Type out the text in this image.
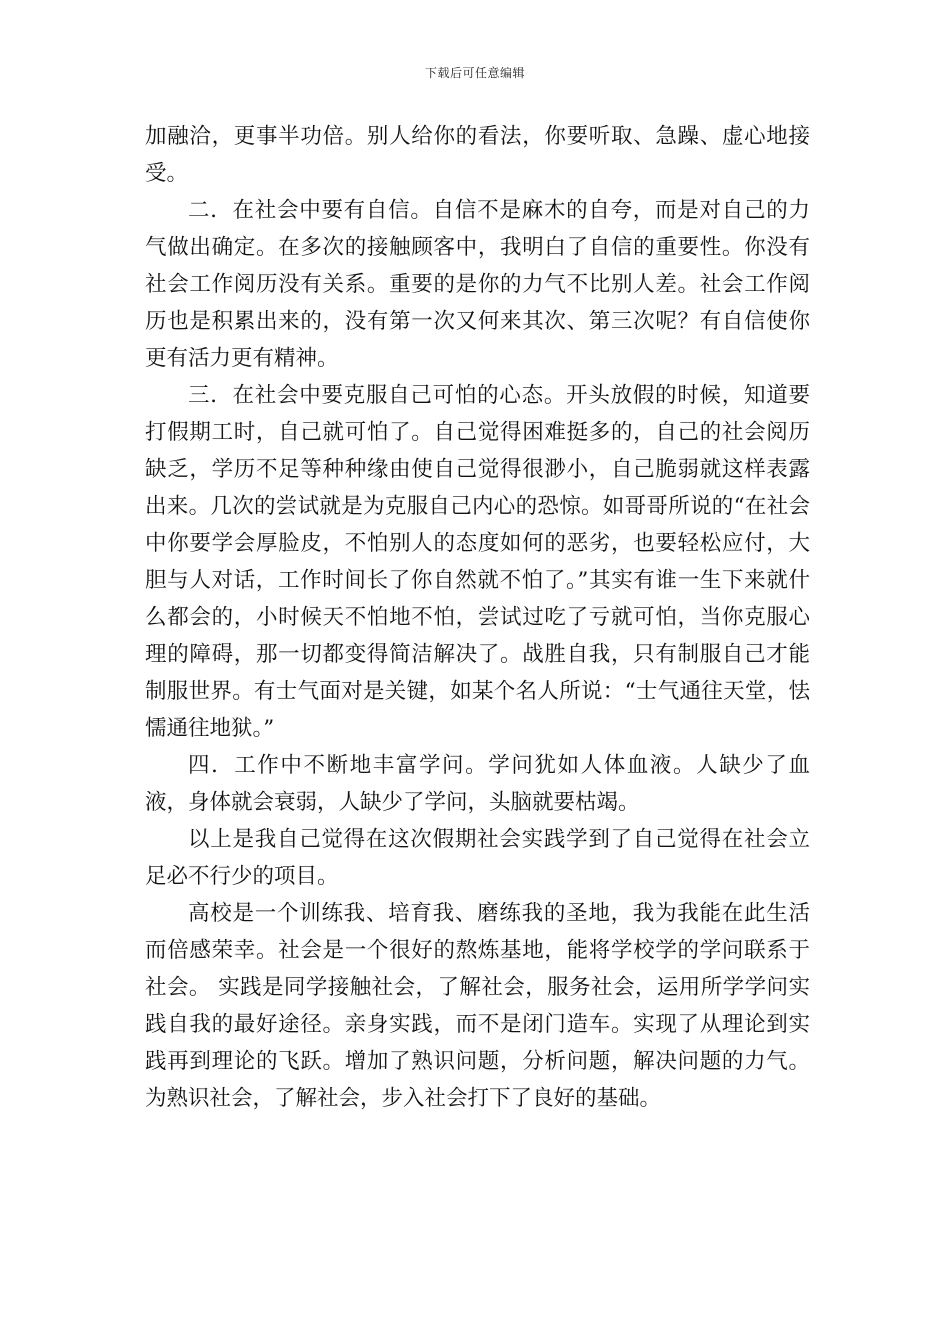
下载后可任意编辑

加融洽，更事半功倍。别人给你的看法，你要听取、急躁、虚心地接受。

二．在社会中要有自信。自信不是麻木的自夸，而是对自己的力气做出确定。在多次的接触顾客中，我明白了自信的重要性。你没有社会工作阅历没有关系。重要的是你的力气不比别人差。社会工作阅历也是积累出来的，没有第一次又何来其次、第三次呢？有自信使你更有活力更有精神。

三．在社会中要克服自己可怕的心态。开头放假的时候，知道要打假期工时，自己就可怕了。自己觉得困难挺多的，自己的社会阅历缺乏，学历不足等种种缘由使自己觉得很渺小，自己脆弱就这样表露出来。几次的尝试就是为克服自己内心的恐惊。如哥哥所说的“在社会中你要学会厚脸皮，不怕别人的态度如何的恶劣，也要轻松应付，大胆与人对话，工作时间长了你自然就不怕了。”其实有谁一生下来就什么都会的，小时候天不怕地不怕，尝试过吃了亏就可怕，当你克服心理的障碍，那一切都变得简洁解决了。战胜自我，只有制服自己才能制服世界。有士气面对是关键，如某个名人所说：“士气通往天堂，怯懦通往地狱。”

四．工作中不断地丰富学问。学问犹如人体血液。人缺少了血液，身体就会衰弱，人缺少了学问，头脑就要枯竭。

以上是我自己觉得在这次假期社会实践学到了自己觉得在社会立足必不行少的项目。

高校是一个训练我、培育我、磨练我的圣地，我为我能在此生活而倍感荣幸。社会是一个很好的熬炼基地，能将学校学的学问联系于社会。 实践是同学接触社会，了解社会，服务社会，运用所学学问实践自我的最好途径。亲身实践，而不是闭门造车。实现了从理论到实践再到理论的飞跃。增加了熟识问题，分析问题，解决问题的力气。为熟识社会，了解社会，步入社会打下了良好的基础。
